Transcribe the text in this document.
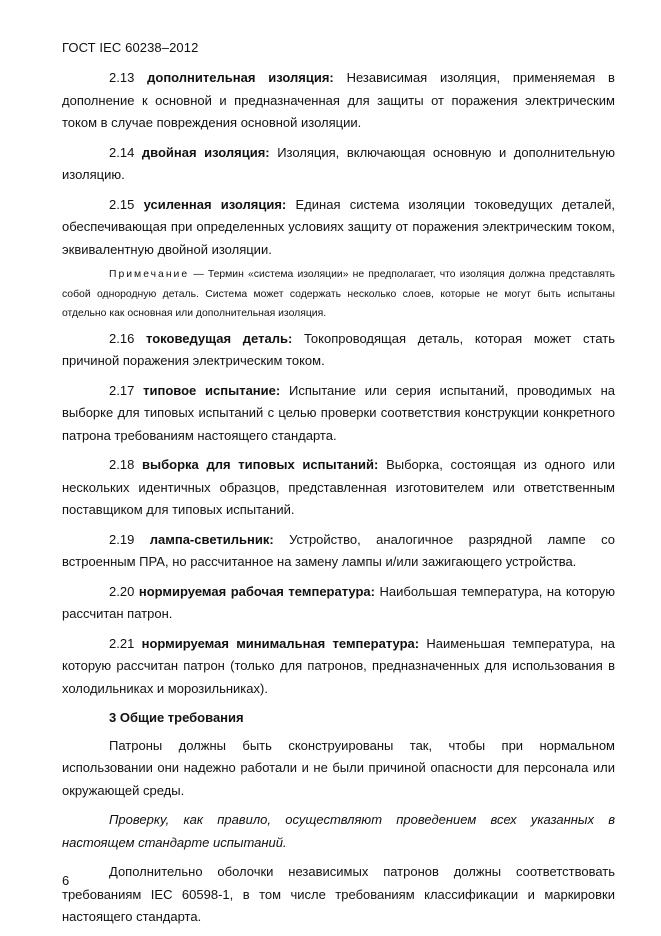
ГОСТ IEC 60238–2012

2.13 дополнительная изоляция: Независимая изоляция, применяемая в дополнение к основной и предназначенная для защиты от поражения электрическим током в случае повреждения основной изоляции.

2.14 двойная изоляция: Изоляция, включающая основную и дополнительную изоляцию.

2.15 усиленная изоляция: Единая система изоляции токоведущих деталей, обеспечивающая при определенных условиях защиту от поражения электрическим током, эквивалентную двойной изоляции.

Примечание — Термин «система изоляции» не предполагает, что изоляция должна представлять собой однородную деталь. Система может содержать несколько слоев, которые не могут быть испытаны отдельно как основная или дополнительная изоляция.

2.16 токоведущая деталь: Токопроводящая деталь, которая может стать причиной поражения электрическим током.

2.17 типовое испытание: Испытание или серия испытаний, проводимых на выборке для типовых испытаний с целью проверки соответствия конструкции конкретного патрона требованиям настоящего стандарта.

2.18 выборка для типовых испытаний: Выборка, состоящая из одного или нескольких идентичных образцов, представленная изготовителем или ответственным поставщиком для типовых испытаний.

2.19 лампа-светильник: Устройство, аналогичное разрядной лампе со встроенным ПРА, но рассчитанное на замену лампы и/или зажигающего устройства.

2.20 нормируемая рабочая температура: Наибольшая температура, на которую рассчитан патрон.

2.21 нормируемая минимальная температура: Наименьшая температура, на которую рассчитан патрон (только для патронов, предназначенных для использования в холодильниках и морозильниках).

3 Общие требования

Патроны должны быть сконструированы так, чтобы при нормальном использовании они надежно работали и не были причиной опасности для персонала или окружающей среды.

Проверку, как правило, осуществляют проведением всех указанных в настоящем стандарте испытаний.

Дополнительно оболочки независимых патронов должны соответствовать требованиям IEC 60598-1, в том числе требованиям классификации и маркировки настоящего стандарта.

6
